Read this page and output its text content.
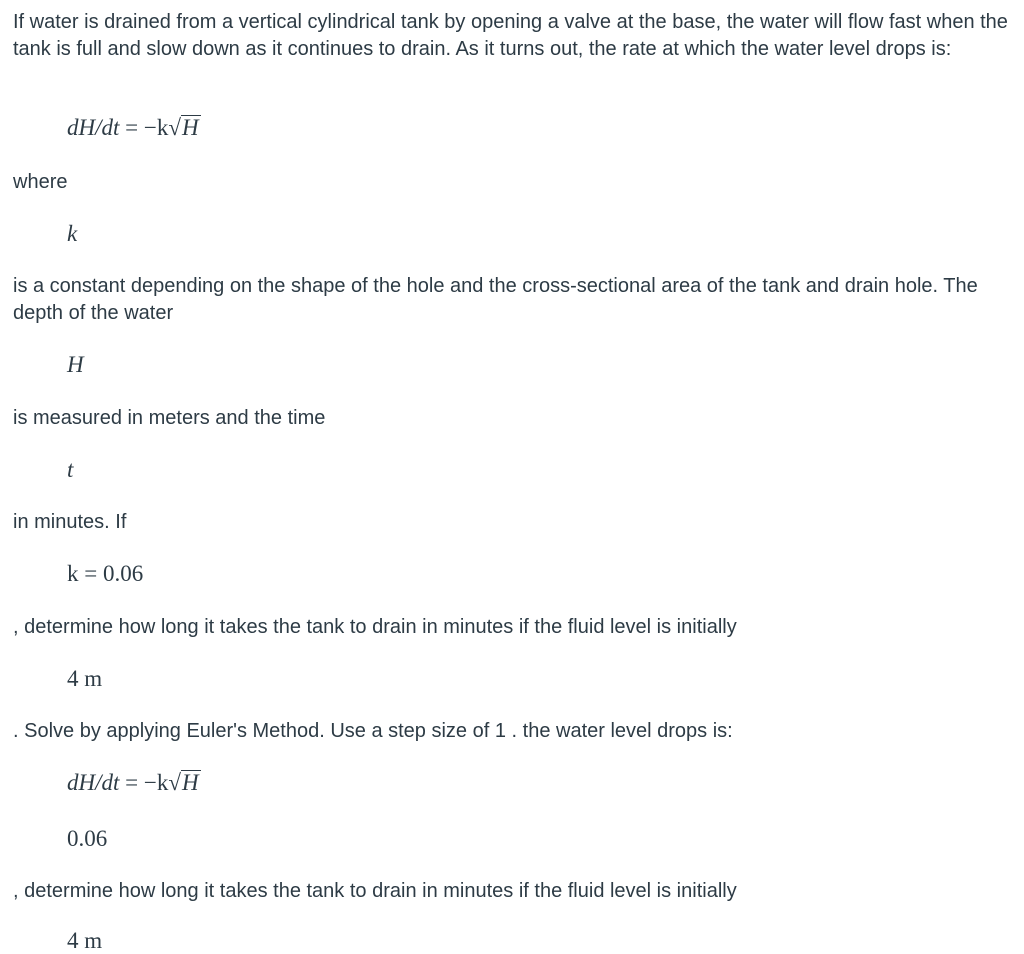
If water is drained from a vertical cylindrical tank by opening a valve at the base, the water will flow fast when the tank is full and slow down as it continues to drain. As it turns out, the rate at which the water level drops is:

dH/dt = −k√H

where

k

is a constant depending on the shape of the hole and the cross-sectional area of the tank and drain hole. The depth of the water

H

is measured in meters and the time

t

in minutes. If

k = 0.06

, determine how long it takes the tank to drain in minutes if the fluid level is initially

4 m

. Solve by applying Euler's Method. Use a step size of 1 . the water level drops is:

dH/dt = −k√H
0.06

, determine how long it takes the tank to drain in minutes if the fluid level is initially

4 m
